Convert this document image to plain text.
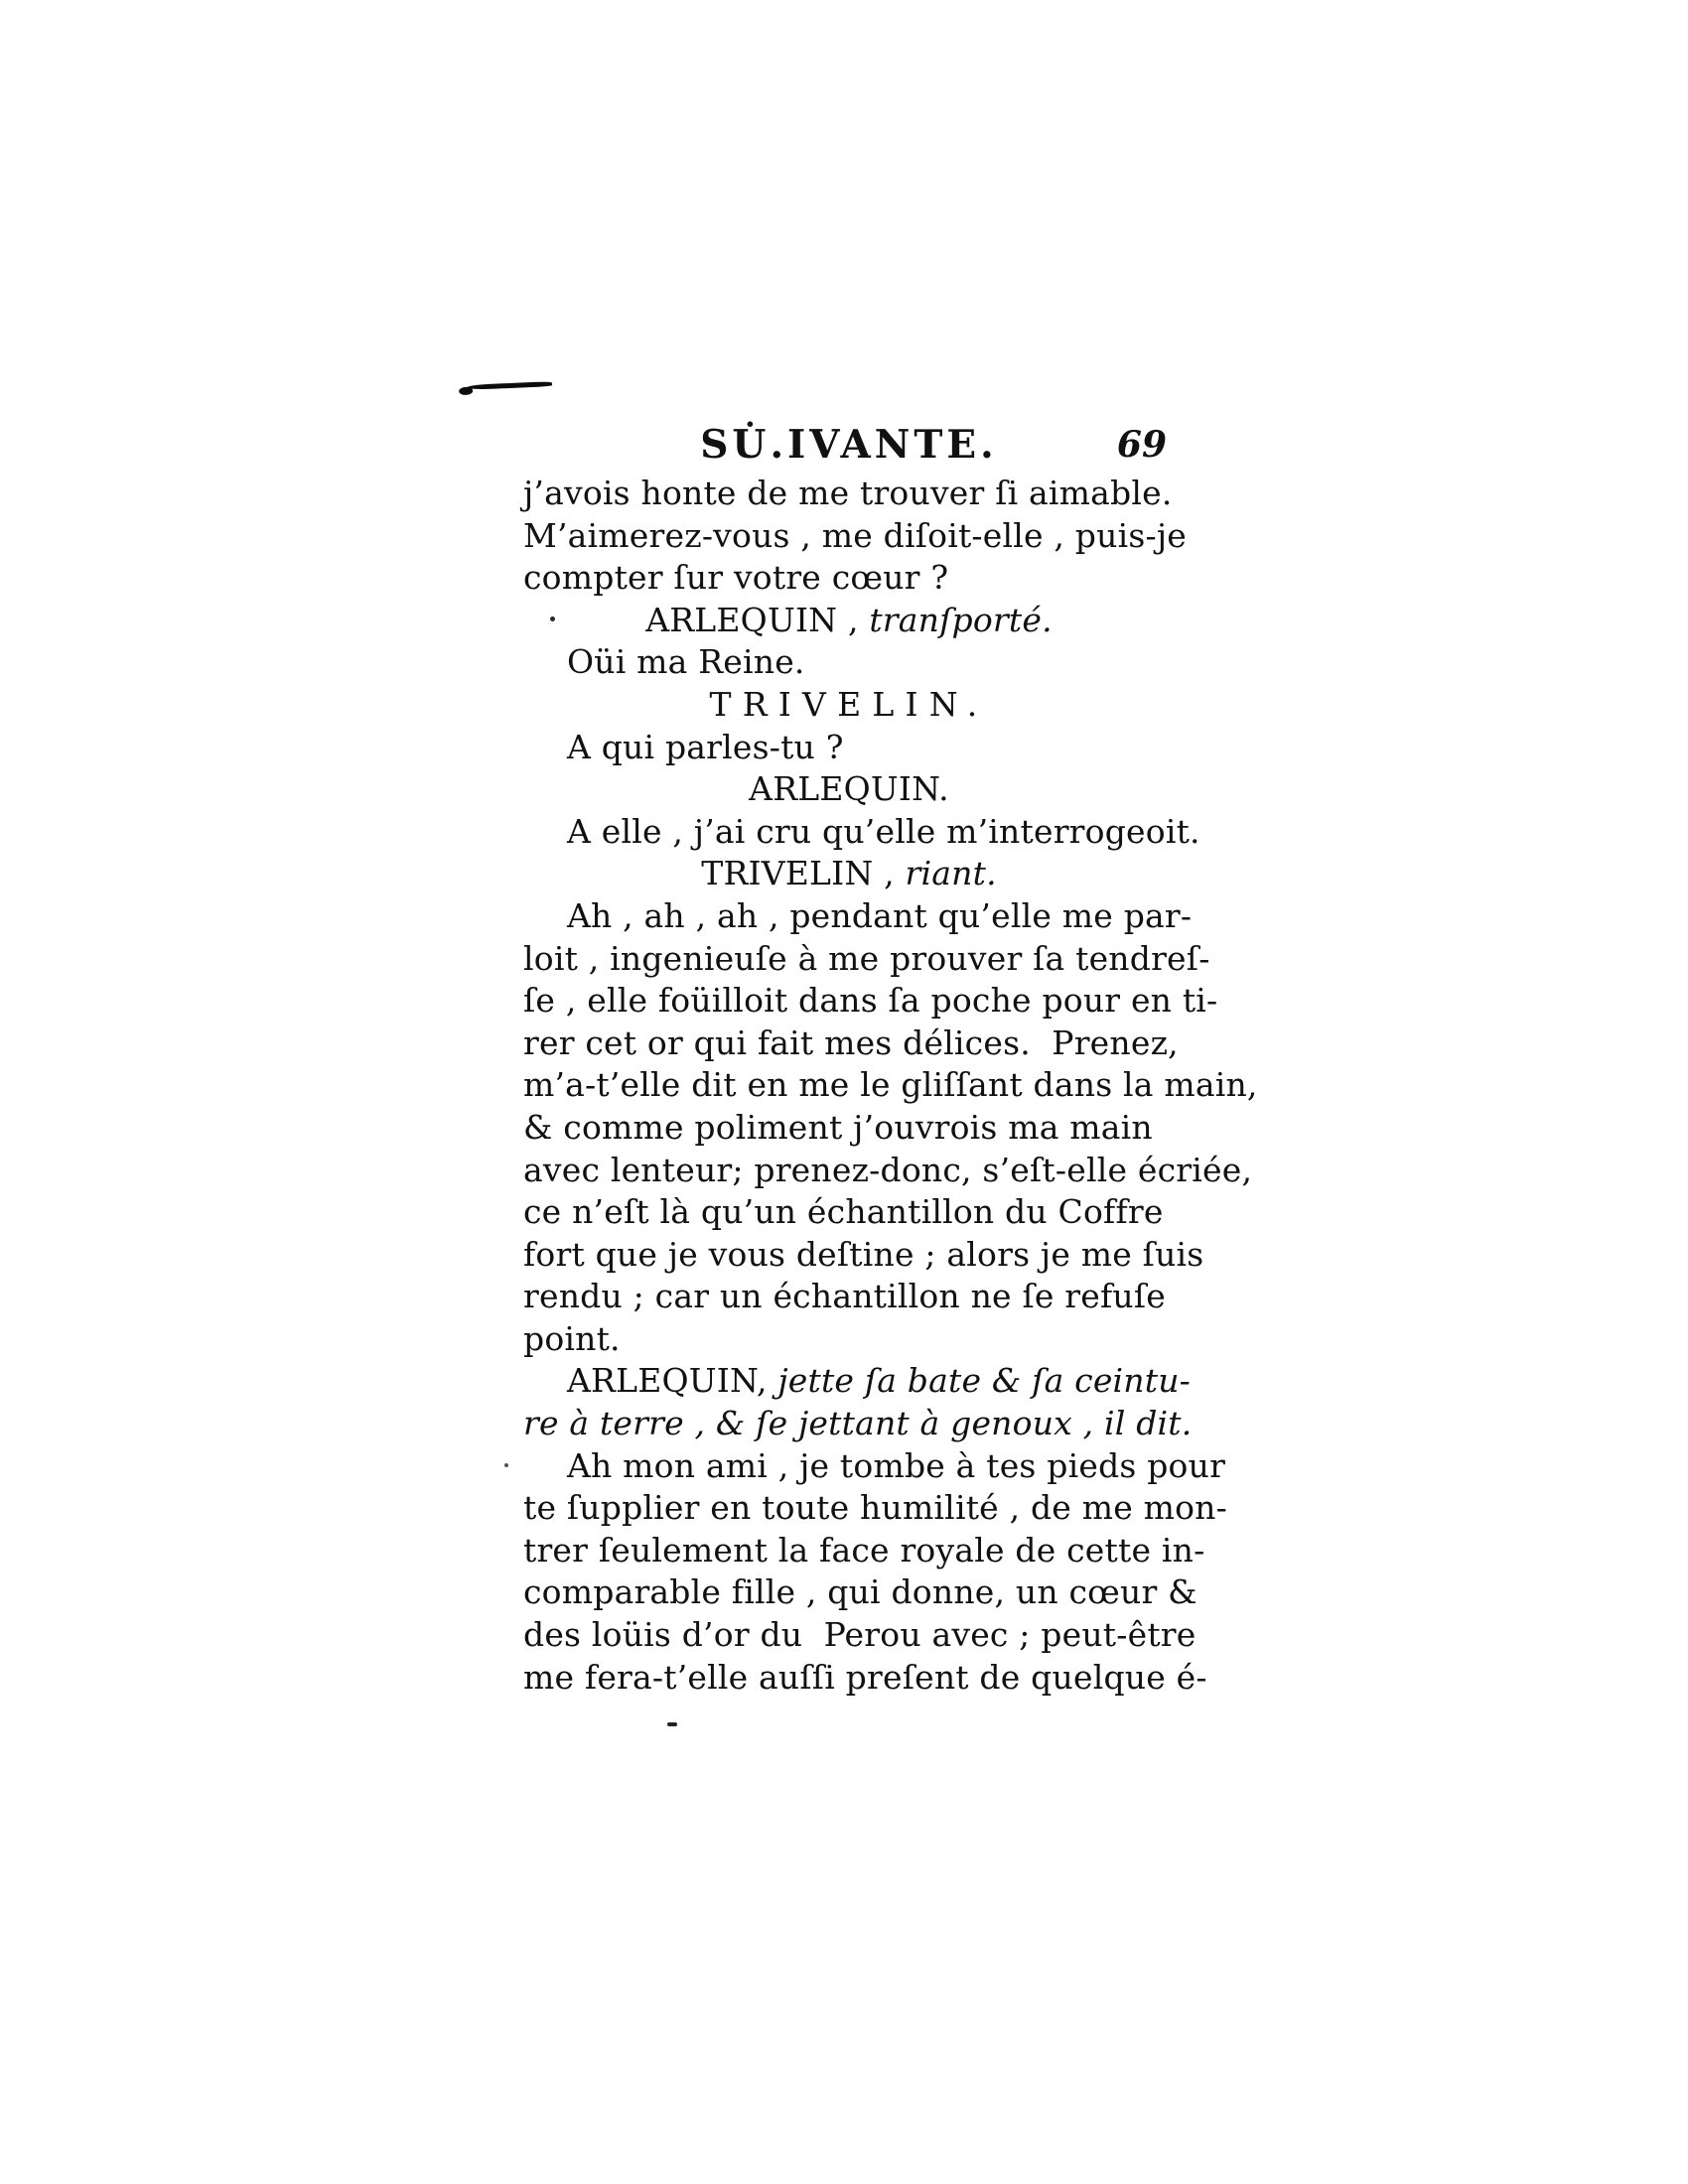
SU̇.IVANTE.	69
j’avois honte de me trouver ſi aimable.
M’aimerez-vous , me diſoit-elle , puis-je
compter ſur votre cœur ?
ARLEQUIN , tranſporté.
Oüi ma Reine.
TRIVELIN.
A qui parles-tu ?
ARLEQUIN.
A elle , j’ai cru qu’elle m’interrogeoit.
TRIVELIN , riant.
Ah , ah , ah , pendant qu’elle me par-
loit , ingenieuſe à me prouver ſa tendreſ-
ſe , elle foüilloit dans ſa poche pour en ti-
rer cet or qui fait mes délices.  Prenez,
m’a-t’elle dit en me le gliſſant dans la main,
& comme poliment j’ouvrois ma main
avec lenteur; prenez-donc, s’eſt-elle écriée,
ce n’eſt là qu’un échantillon du Coffre
fort que je vous deſtine ; alors je me ſuis
rendu ; car un échantillon ne ſe refuſe
point.
ARLEQUIN, jette ſa bate & ſa ceintu-
re à terre , & ſe jettant à genoux , il dit.
Ah mon ami , je tombe à tes pieds pour
te ſupplier en toute humilité , de me mon-
trer ſeulement la face royale de cette in-
comparable fille , qui donne, un cœur &
des loüis d’or du  Perou avec ; peut-être
me fera-t’elle auſſi preſent de quelque é-
